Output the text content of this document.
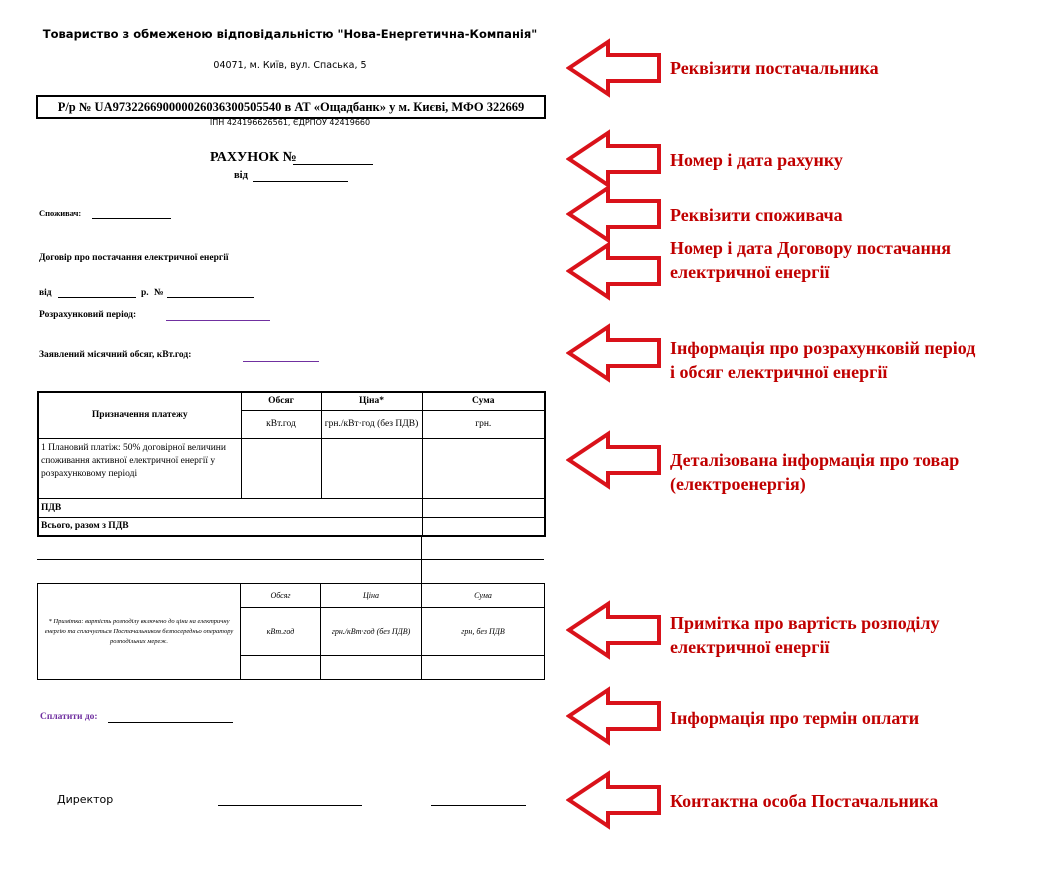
Товариство з обмеженою відповідальністю "Нова-Енергетична-Компанія"
04071, м. Київ, вул. Спаська, 5
Р/р № UA973226690000026036300505540 в АТ «Ощадбанк» у м. Києві, МФО 322669
ІПН 424196626561, ЄДРПОУ 42419660
РАХУНОК №
від
Споживач:
Договір про постачання електричної енергії
від	р. №
Розрахунковий період:
Заявлений місячний обсяг, кВт.год:
Призначення платежу	Обсяг	Ціна*	Сума
	кВт.год	грн./кВт·год (без ПДВ)	грн.
1 Плановий платіж: 50% договірної величини споживання активної електричної енергії у розрахунковому періоді			
ПДВ			
Всього, разом з ПДВ			
* Примітка: вартість розподілу включено до ціни на електричну енергію та сплачується Постачальником безпосередньо оператору розподільних мереж.	Обсяг	Ціна	Сума
	кВт.год	грн./кВт·год (без ПДВ)	грн, без ПДВ

Сплатити до:
Директор
Реквізити постачальника
Номер і дата рахунку
Реквізити споживача
Номер і дата Договору постачання
електричної енергії
Інформація про розрахунковій період
і обсяг електричної енергії
Деталізована інформація про товар
(електроенергія)
Примітка про вартість розподілу
електричної енергії
Інформація про термін оплати
Контактна особа Постачальника
